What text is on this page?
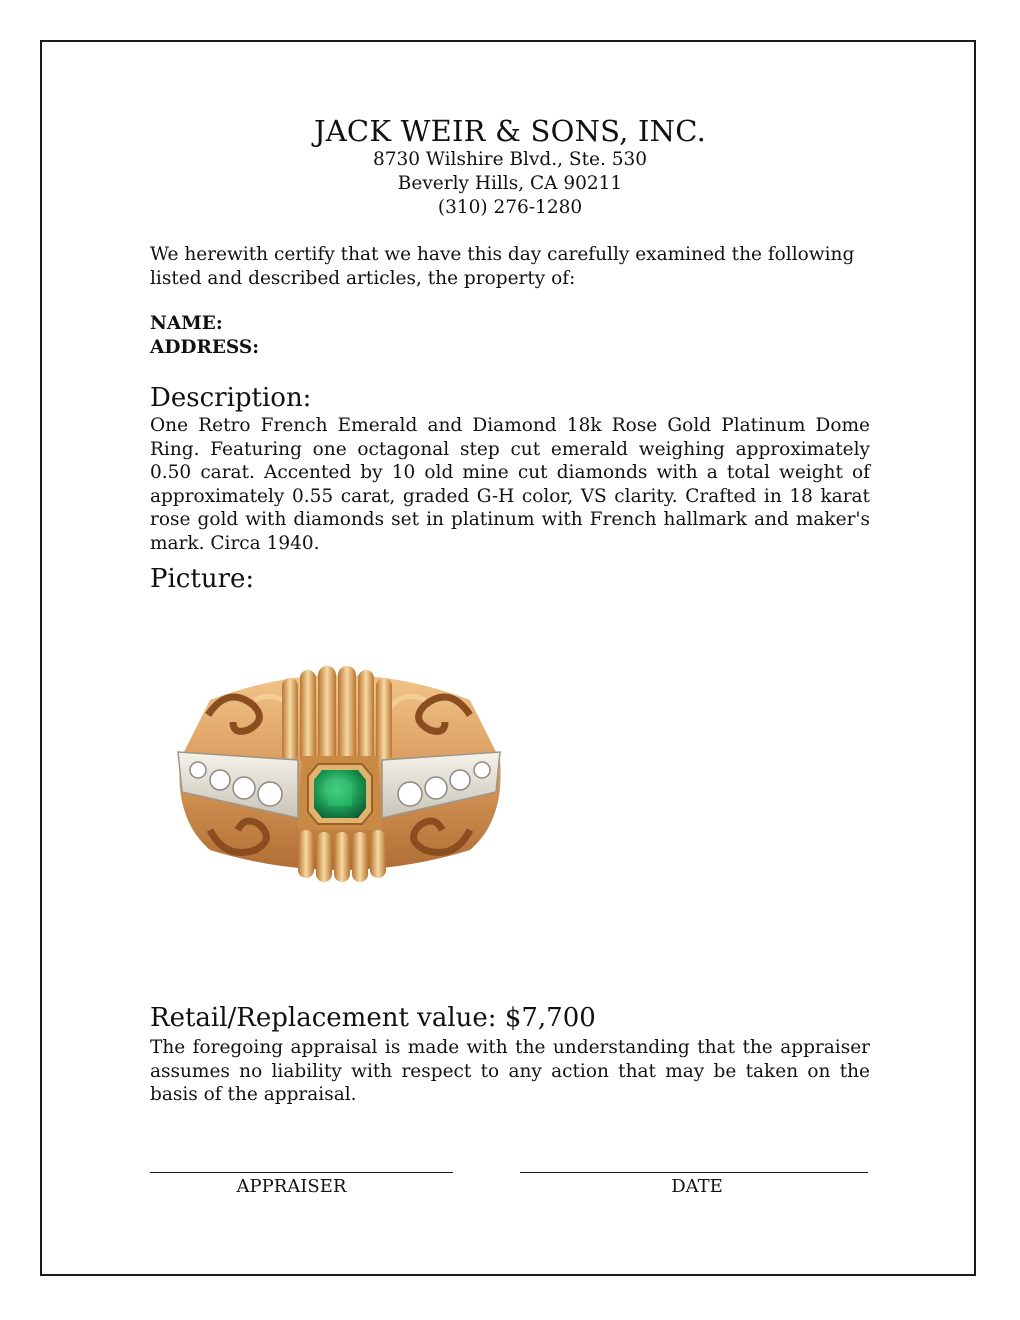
JACK WEIR & SONS, INC.
8730 Wilshire Blvd., Ste. 530
Beverly Hills, CA 90211
(310) 276-1280
We herewith certify that we have this day carefully examined the following listed and described articles, the property of:
NAME:
ADDRESS:
Description:
One Retro French Emerald and Diamond 18k Rose Gold Platinum Dome Ring. Featuring one octagonal step cut emerald weighing approximately 0.50 carat. Accented by 10 old mine cut diamonds with a total weight of approximately 0.55 carat, graded G-H color, VS clarity. Crafted in 18 karat rose gold with diamonds set in platinum with French hallmark and maker's mark. Circa 1940.
Picture:
Retail/Replacement value: $7,700
The foregoing appraisal is made with the understanding that the appraiser assumes no liability with respect to any action that may be taken on the basis of the appraisal.
APPRAISER	DATE
